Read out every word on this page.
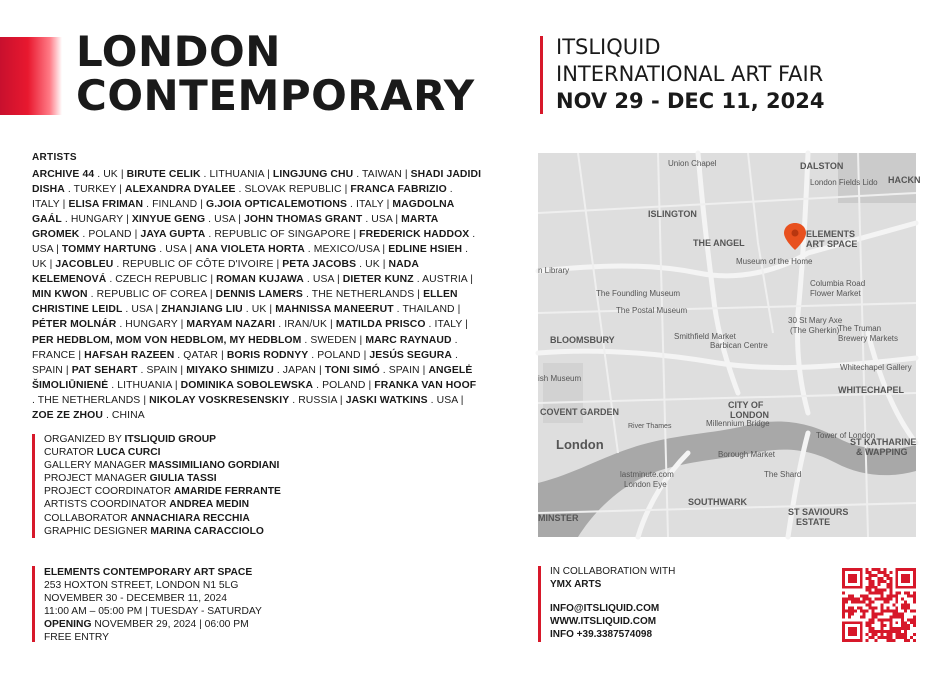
LONDON
CONTEMPORARY
ITSLIQUID
INTERNATIONAL ART FAIR
NOV 29 - DEC 11, 2024
ARTISTS
ARCHIVE 44 . UK | BIRUTE CELIK . LITHUANIA | LINGJUNG CHU . TAIWAN | SHADI JADIDI DISHA . TURKEY | ALEXANDRA DYALEE . SLOVAK REPUBLIC | FRANCA FABRIZIO . ITALY | ELISA FRIMAN . FINLAND | G.JOIA OPTICALEMOTIONS . ITALY | MAGDOLNA GAÁL . HUNGARY | XINYUE GENG . USA | JOHN THOMAS GRANT . USA | MARTA GROMEK . POLAND | JAYA GUPTA . REPUBLIC OF SINGAPORE | FREDERICK HADDOX . USA | TOMMY HARTUNG . USA | ANA VIOLETA HORTA . MEXICO/USA | EDLINE HSIEH . UK | JACOBLEU . REPUBLIC OF CÔTE D'IVOIRE | PETA JACOBS . UK | NADA KELEMENOVÁ . CZECH REPUBLIC | ROMAN KUJAWA . USA | DIETER KUNZ . AUSTRIA | MIN KWON . REPUBLIC OF COREA | DENNIS LAMERS . THE NETHERLANDS | ELLEN CHRISTINE LEIDL . USA | ZHANJIANG LIU . UK | MAHNISSA MANEERUT . THAILAND | PÉTER MOLNÁR . HUNGARY | MARYAM NAZARI . IRAN/UK | MATILDA PRISCO . ITALY | PER HEDBLOM, MOM VON HEDBLOM, MY HEDBLOM . SWEDEN | MARC RAYNAUD . FRANCE | HAFSAH RAZEEN . QATAR | BORIS RODNYY . POLAND | JESÚS SEGURA . SPAIN | PAT SEHART . SPAIN | MIYAKO SHIMIZU . JAPAN | TONI SIMÓ . SPAIN | ANGELĖ ŠIMOLIŪNIENĖ . LITHUANIA | DOMINIKA SOBOLEWSKA . POLAND | FRANKA VAN HOOF . THE NETHERLANDS | NIKOLAY VOSKRESENSKIY . RUSSIA | JASKI WATKINS . USA | ZOE ZE ZHOU . CHINA
ORGANIZED BY ITSLIQUID GROUP
CURATOR LUCA CURCI
GALLERY MANAGER MASSIMILIANO GORDIANI
PROJECT MANAGER GIULIA TASSI
PROJECT COORDINATOR AMARIDE FERRANTE
ARTISTS COORDINATOR ANDREA MEDIN
COLLABORATOR ANNACHIARA RECCHIA
GRAPHIC DESIGNER MARINA CARACCIOLO
ELEMENTS CONTEMPORARY ART SPACE
253 HOXTON STREET, LONDON N1 5LG
NOVEMBER 30 - DECEMBER 11, 2024
11:00 AM – 05:00 PM | TUESDAY - SATURDAY
OPENING NOVEMBER 29, 2024 | 06:00 PM
FREE ENTRY
IN COLLABORATION WITH
YMX ARTS
INFO@ITSLIQUID.COM
WWW.ITSLIQUID.COM
INFO +39.3387574098
DALSTON
HACKN
Union Chapel
London Fields Lido
ISLINGTON
THE ANGEL
Museum of the Home
Columbia Road
Flower Market
n Library
The Foundling Museum
The Postal Museum
BLOOMSBURY	Smithfield Market
Barbican Centre
30 St Mary Axe
(The Gherkin)
The Truman
Brewery Markets
Whitechapel Gallery
WHITECHAPEL
ish Museum
COVENT GARDEN
CITY OF
LONDON
River Thames	Millennium Bridge
Tower of London
ST KATHARINE
& WAPPING
London
Borough Market
The Shard
lastminute.com
London Eye
MINSTER
SOUTHWARK
ST SAVIOURS
ESTATE
ELEMENTS
ART SPACE
